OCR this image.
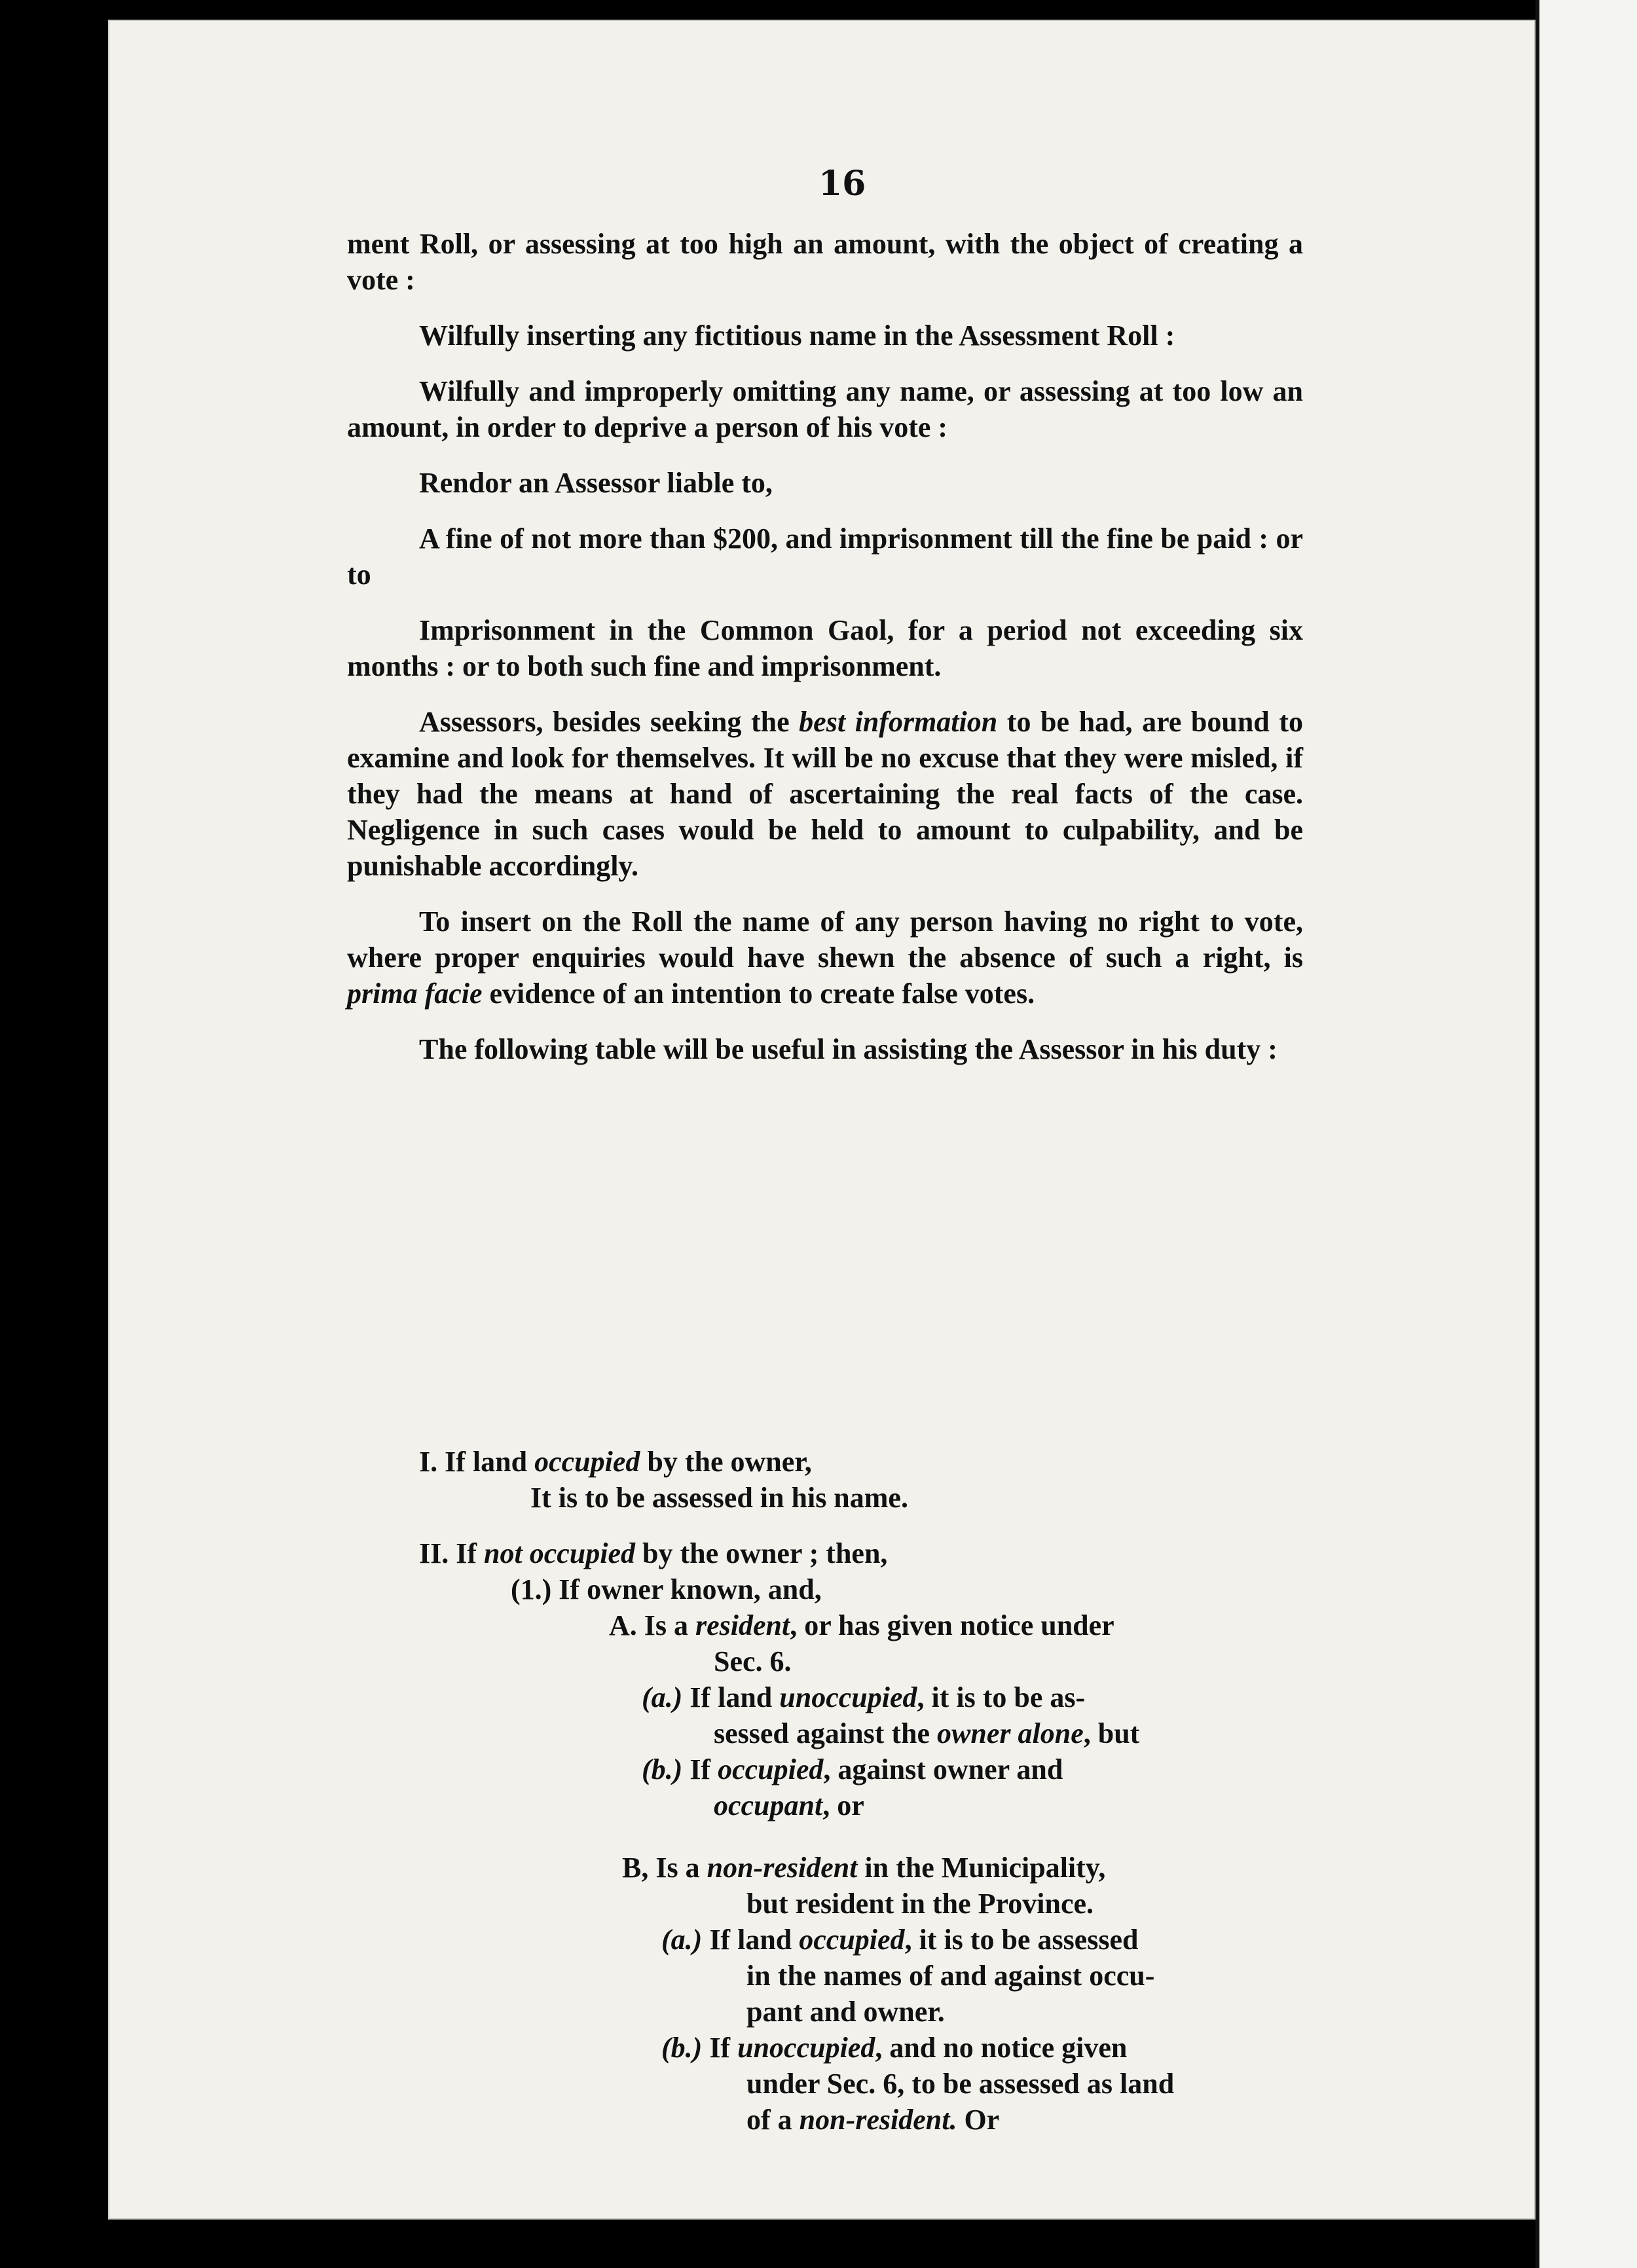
16

ment Roll, or assessing at too high an amount, with the object of creating a vote :

Wilfully inserting any fictitious name in the Assessment Roll :

Wilfully and improperly omitting any name, or assessing at too low an amount, in order to deprive a person of his vote :

Rendor an Assessor liable to,

A fine of not more than $200, and imprisonment till the fine be paid : or to

Imprisonment in the Common Gaol, for a period not exceeding six months : or to both such fine and imprisonment.

Assessors, besides seeking the best information to be had, are bound to examine and look for themselves. It will be no excuse that they were misled, if they had the means at hand of ascertaining the real facts of the case. Negligence in such cases would be held to amount to culpability, and be punishable accordingly.

To insert on the Roll the name of any person having no right to vote, where proper enquiries would have shewn the absence of such a right, is prima facie evidence of an intention to create false votes.

The following table will be useful in assisting the Assessor in his duty :

I. If land occupied by the owner,
It is to be assessed in his name.
II. If not occupied by the owner ; then,
(1.) If owner known, and,
A. Is a resident, or has given notice under
Sec. 6.
(a.) If land unoccupied, it is to be as-
sessed against the owner alone, but
(b.) If occupied, against owner and
occupant, or
B, Is a non-resident in the Municipality,
but resident in the Province.
(a.) If land occupied, it is to be assessed
in the names of and against occu-
pant and owner.
(b.) If unoccupied, and no notice given
under Sec. 6, to be assessed as land
of a non-resident. Or
